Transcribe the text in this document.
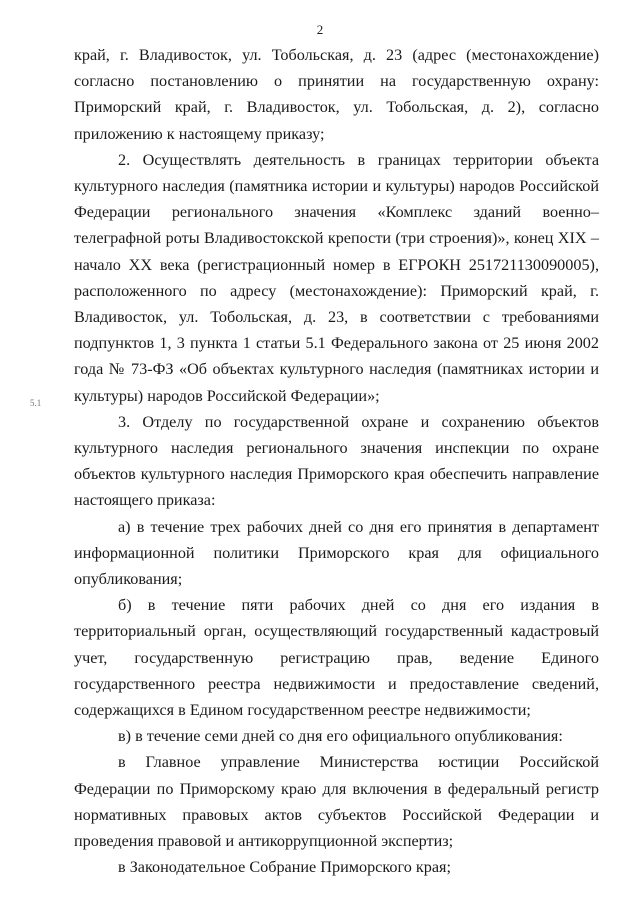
2
5.1

край, г. Владивосток, ул. Тобольская, д. 23 (адрес (местонахождение) согласно постановлению о принятии на государственную охрану: Приморский край, г. Владивосток, ул. Тобольская, д. 2), согласно приложению к настоящему приказу;

2. Осуществлять деятельность в границах территории объекта культурного наследия (памятника истории и культуры) народов Российской Федерации регионального значения «Комплекс зданий военно–телеграфной роты Владивостокской крепости (три строения)», конец XIX – начало XX века (регистрационный номер в ЕГРОКН 251721130090005), расположенного по адресу (местонахождение): Приморский край, г. Владивосток, ул. Тобольская, д. 23, в соответствии с требованиями подпунктов 1, 3 пункта 1 статьи 5.1 Федерального закона от 25 июня 2002 года № 73-ФЗ «Об объектах культурного наследия (памятниках истории и культуры) народов Российской Федерации»;

3. Отделу по государственной охране и сохранению объектов культурного наследия регионального значения инспекции по охране объектов культурного наследия Приморского края обеспечить направление настоящего приказа:

а) в течение трех рабочих дней со дня его принятия в департамент информационной политики Приморского края для официального опубликования;

б) в течение пяти рабочих дней со дня его издания в территориальный орган, осуществляющий государственный кадастровый учет, государственную регистрацию прав, ведение Единого государственного реестра недвижимости и предоставление сведений, содержащихся в Едином государственном реестре недвижимости;

в) в течение семи дней со дня его официального опубликования:

в Главное управление Министерства юстиции Российской Федерации по Приморскому краю для включения в федеральный регистр нормативных правовых актов субъектов Российской Федерации и проведения правовой и антикоррупционной экспертиз;

в Законодательное Собрание Приморского края;
